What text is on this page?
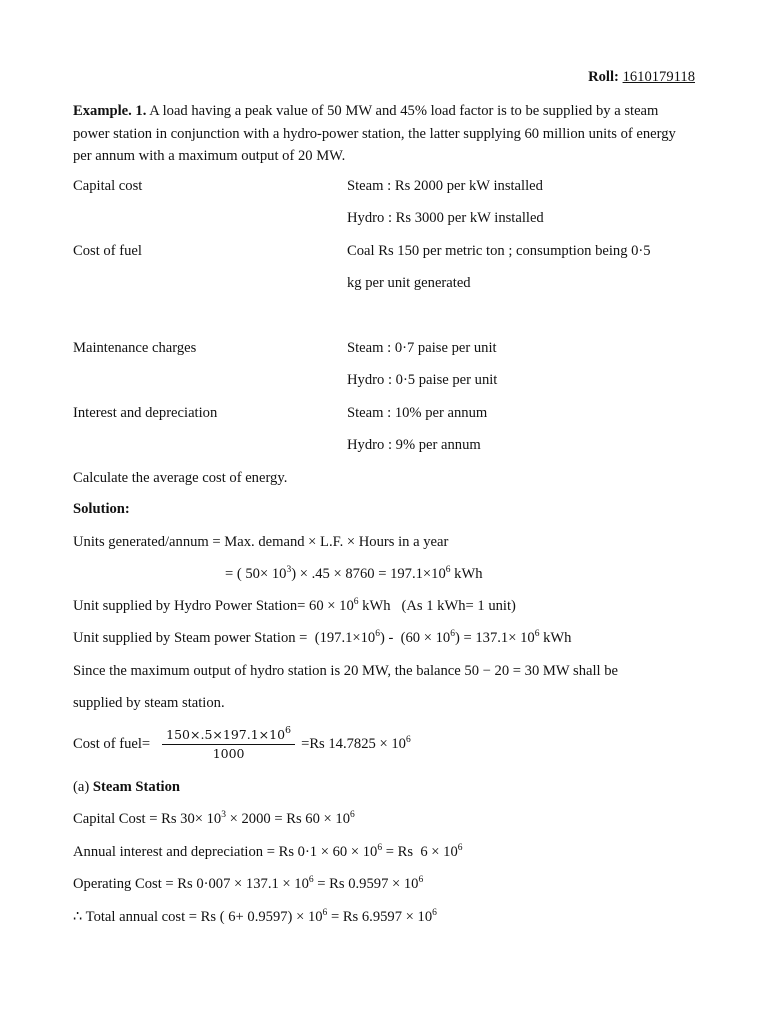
Roll: 1610179118
Example. 1. A load having a peak value of 50 MW and 45% load factor is to be supplied by a steam power station in conjunction with a hydro-power station, the latter supplying 60 million units of energy per annum with a maximum output of 20 MW.
Capital cost	Steam : Rs 2000 per kW installed
Hydro : Rs 3000 per kW installed
Cost of fuel	Coal Rs 150 per metric ton ; consumption being 0·5
kg per unit generated
Maintenance charges	Steam : 0·7 paise per unit
Hydro : 0·5 paise per unit
Interest and depreciation	Steam : 10% per annum
Hydro : 9% per annum
Calculate the average cost of energy.
Solution:
Units generated/annum = Max. demand × L.F. × Hours in a year
= ( $50\times 10^3) \times .45 \times 8760 = 197.1\times 10^6$ kWh
Unit supplied by Hydro Power Station= $60 \times 10^6$ kWh   (As 1 kWh= 1 unit)
Unit supplied by Steam power Station =  $(197.1\times 10^6) - (60 \times 10^6) = 137.1\times 10^6$ kWh
Since the maximum output of hydro station is 20 MW, the balance 50 − 20 = 30 MW shall be
supplied by steam station.
Cost of fuel= $\frac{150\times.5\times 197.1\times 10^6}{1000} =Rs$ $14.7825 \times 10^6$
(a) Steam Station
Capital Cost = Rs $30\times 10^3 \times 2000 = Rs$ $60 \times 10^6$
Annual interest and depreciation = Rs $0\cdot 1 \times 60 \times 10^6 = Rs$  $6 \times 10^6$
Operating Cost = Rs $0\cdot 007 \times 137.1 \times 10^6 = Rs$ $0.9597 \times 10^6$
∴ Total annual cost = Rs ( $6+ 0.9597) \times 10^6 = Rs$ $6.9597 \times 10^6$
